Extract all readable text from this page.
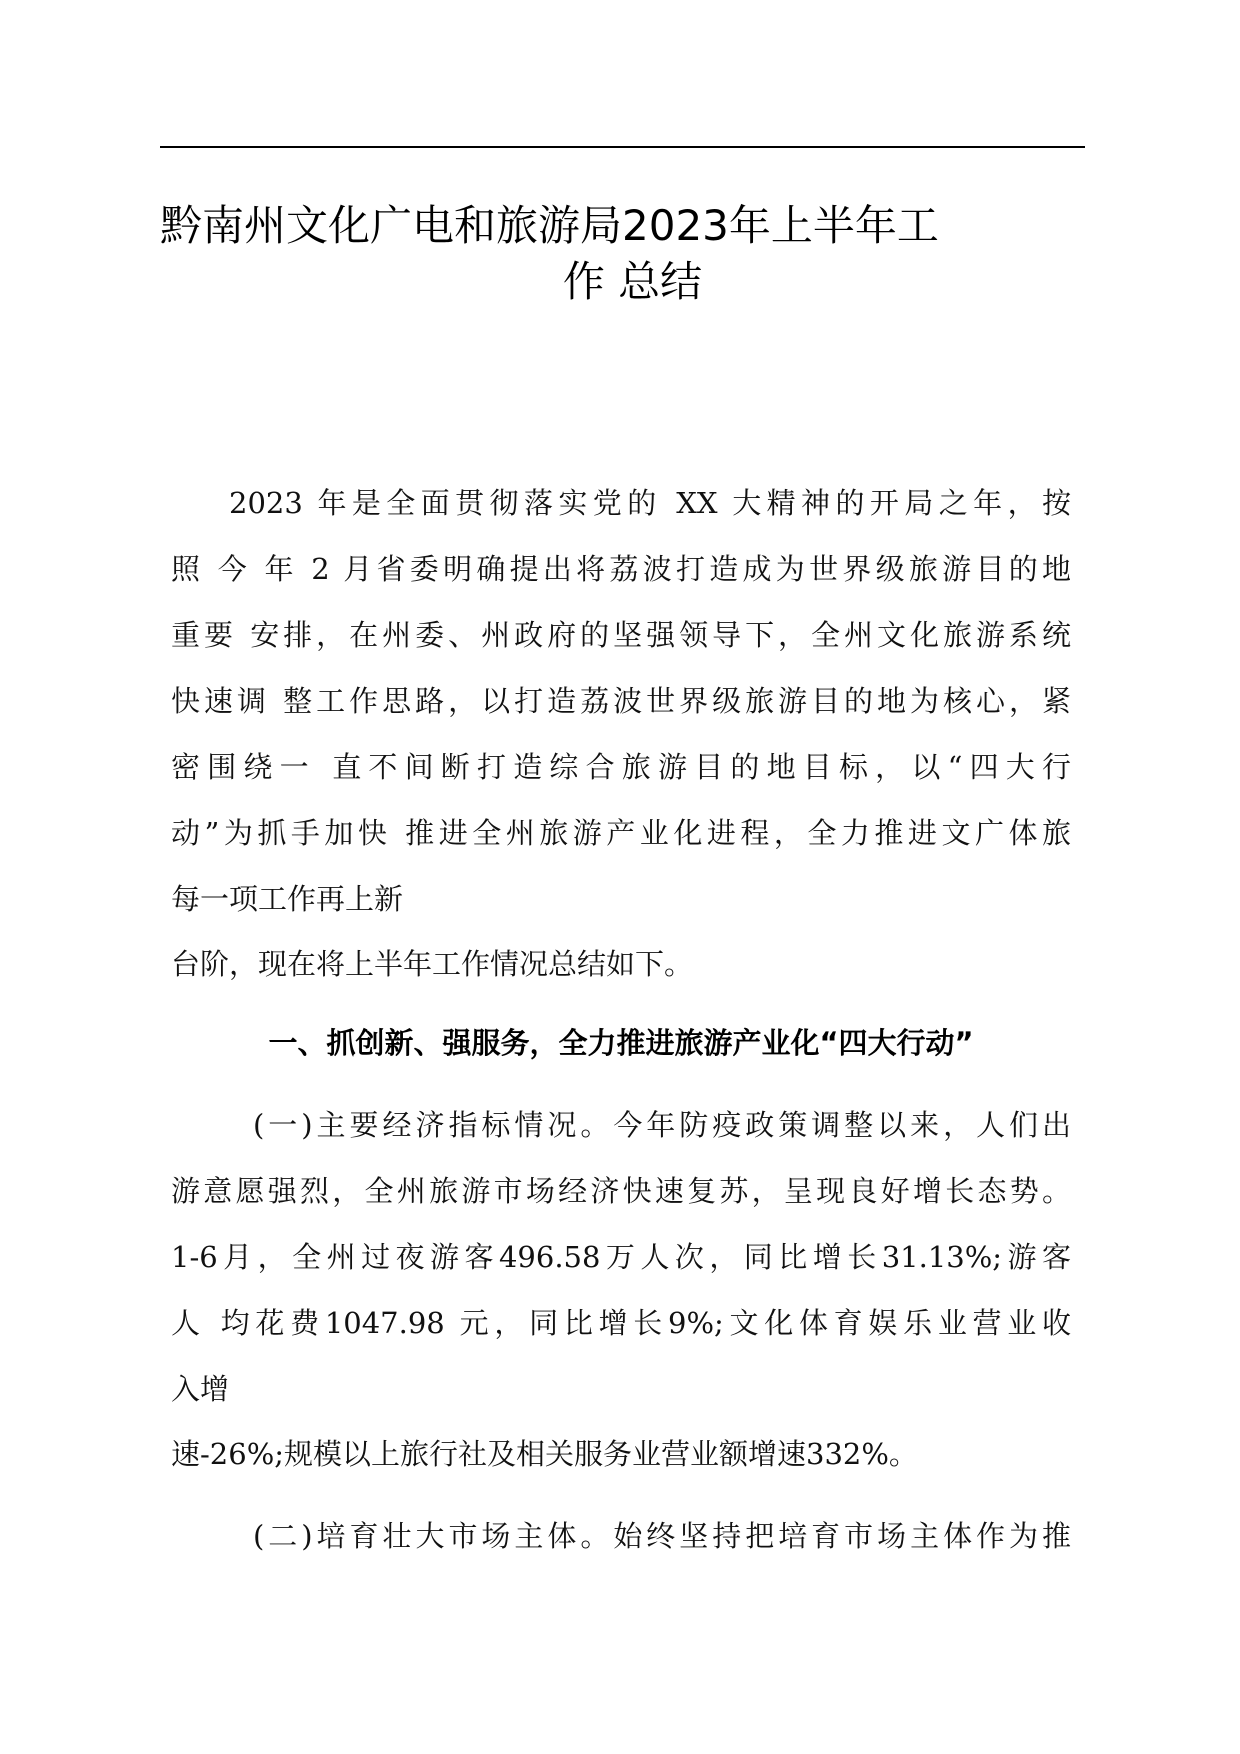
黔南州文化广电和旅游局2023年上半年工
作 总结
2023 年是全面贯彻落实党的 XX 大精神的开局之年，按
照 今 年 2 月省委明确提出将荔波打造成为世界级旅游目的地
重要 安排，在州委、州政府的坚强领导下，全州文化旅游系统
快速调 整工作思路，以打造荔波世界级旅游目的地为核心，紧
密围绕一 直不间断打造综合旅游目的地目标，以“四大行
动”为抓手加快 推进全州旅游产业化进程，全力推进文广体旅
每一项工作再上新
台阶，现在将上半年工作情况总结如下。
一、抓创新、强服务，全力推进旅游产业化“四大行动”
(一)主要经济指标情况。今年防疫政策调整以来，人们出
游意愿强烈，全州旅游市场经济快速复苏，呈现良好增长态势。
1-6月，全州过夜游客496.58万人次，同比增长31.13%;游客
人 均花费1047.98 元，同比增长9%;文化体育娱乐业营业收
入增
速-26%;规模以上旅行社及相关服务业营业额增速332%。
(二)培育壮大市场主体。始终坚持把培育市场主体作为推
